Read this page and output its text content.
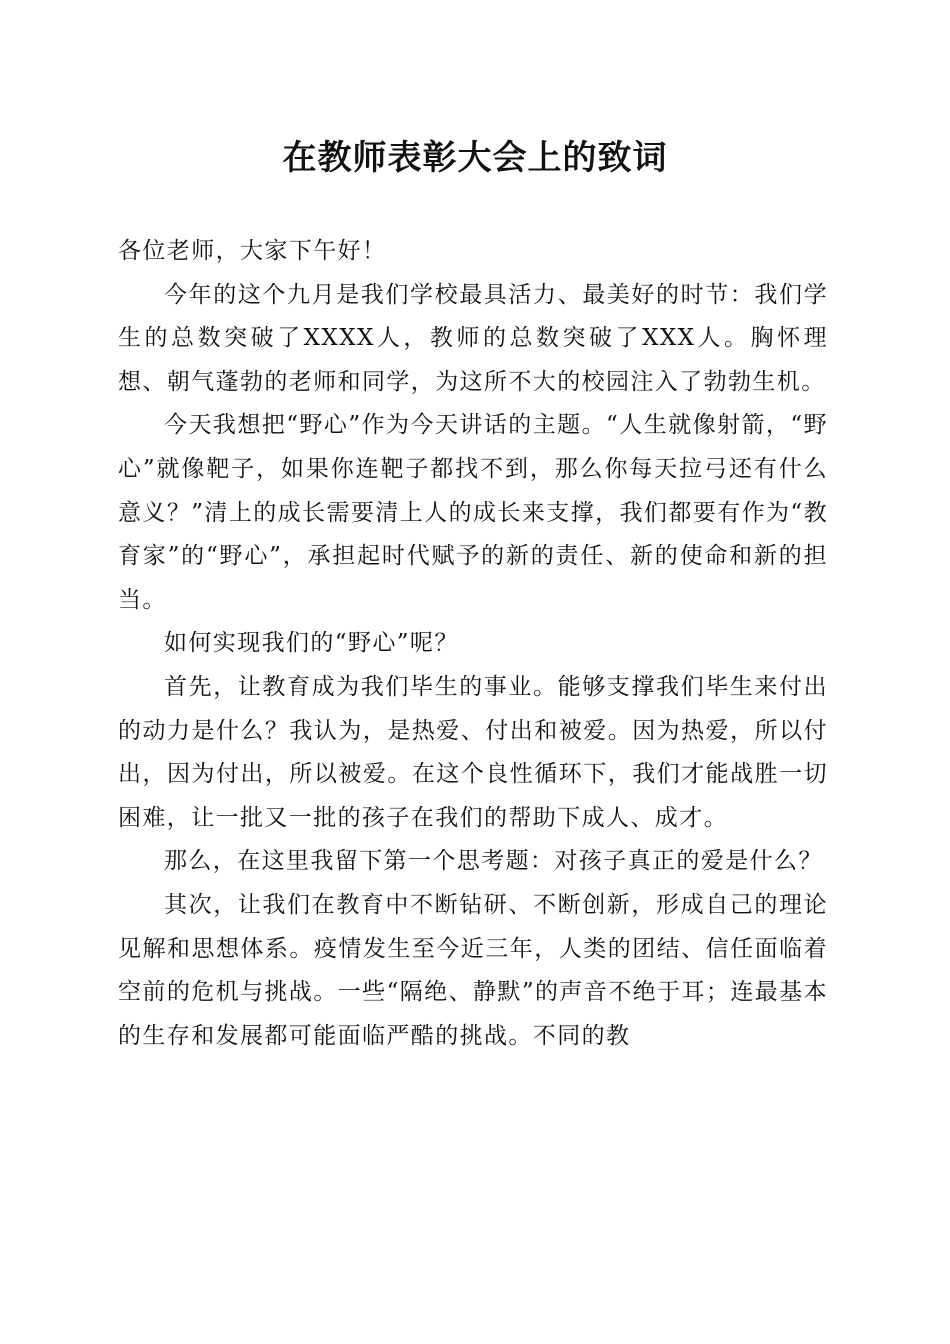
在教师表彰大会上的致词

各位老师，大家下午好！

今年的这个九月是我们学校最具活力、最美好的时节：我们学生的总数突破了XXXX人，教师的总数突破了XXX人。胸怀理想、朝气蓬勃的老师和同学，为这所不大的校园注入了勃勃生机。

今天我想把“野心”作为今天讲话的主题。“人生就像射箭，“野心”就像靶子，如果你连靶子都找不到，那么你每天拉弓还有什么意义？”清上的成长需要清上人的成长来支撑，我们都要有作为“教育家”的“野心”，承担起时代赋予的新的责任、新的使命和新的担当。

如何实现我们的“野心”呢？

首先，让教育成为我们毕生的事业。能够支撑我们毕生来付出的动力是什么？我认为，是热爱、付出和被爱。因为热爱，所以付出，因为付出，所以被爱。在这个良性循环下，我们才能战胜一切困难，让一批又一批的孩子在我们的帮助下成人、成才。

那么，在这里我留下第一个思考题：对孩子真正的爱是什么？

其次，让我们在教育中不断钻研、不断创新，形成自己的理论见解和思想体系。疫情发生至今近三年，人类的团结、信任面临着空前的危机与挑战。一些“隔绝、静默”的声音不绝于耳；连最基本的生存和发展都可能面临严酷的挑战。不同的教
